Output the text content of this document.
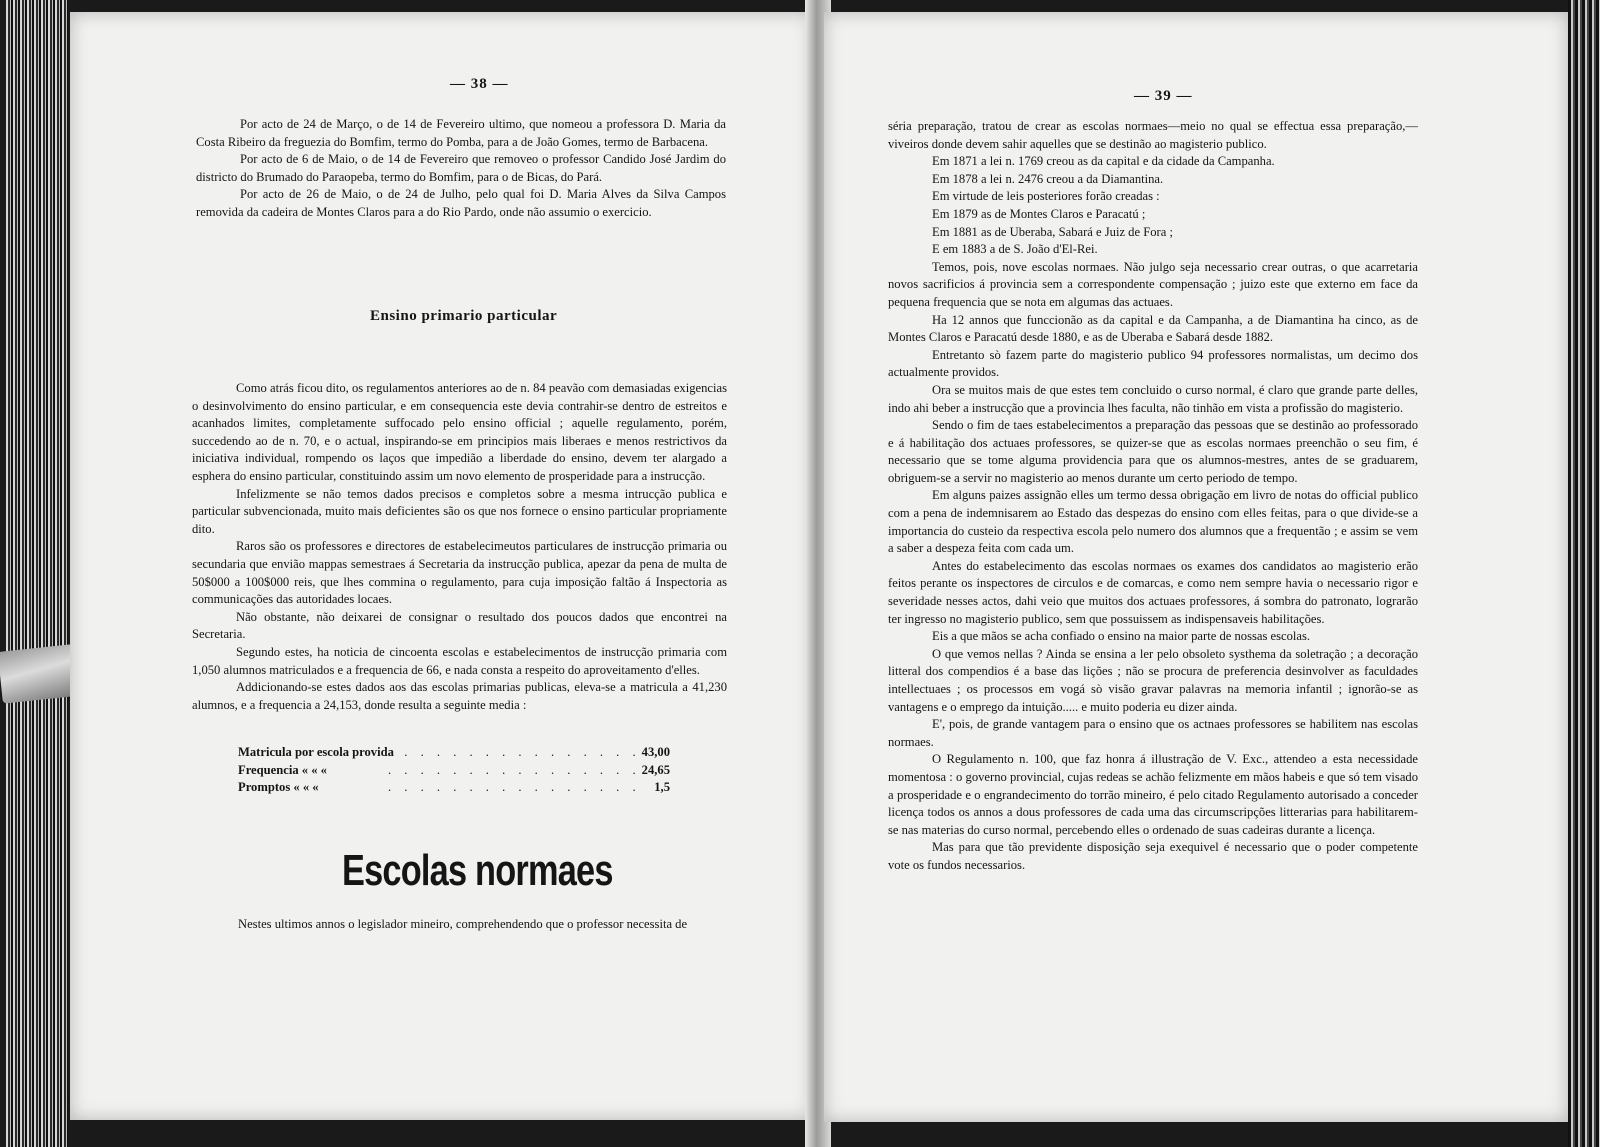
— 38 —

Por acto de 24 de Março, o de 14 de Fevereiro ultimo, que nomeou a professora D. Maria da Costa Ribeiro da freguezia do Bomfim, termo do Pomba, para a de João Gomes, termo de Barbacena.

Por acto de 6 de Maio, o de 14 de Fevereiro que removeo o professor Candido José Jardim do districto do Brumado do Paraopeba, termo do Bomfim, para o de Bicas, do Pará.

Por acto de 26 de Maio, o de 24 de Julho, pelo qual foi D. Maria Alves da Silva Campos removida da cadeira de Montes Claros para a do Rio Pardo, onde não assumio o exercicio.

Ensino primario particular

Como atrás ficou dito, os regulamentos anteriores ao de n. 84 peavão com demasiadas exigencias o desinvolvimento do ensino particular, e em consequencia este devia contrahir-se dentro de estreitos e acanhados limites, completamente suffocado pelo ensino official ; aquelle regulamento, porém, succedendo ao de n. 70, e o actual, inspirando-se em principios mais liberaes e menos restrictivos da iniciativa individual, rompendo os laços que impedião a liberdade do ensino, devem ter alargado a esphera do ensino particular, constituindo assim um novo elemento de prosperidade para a instrucção.

Infelizmente se não temos dados precisos e completos sobre a mesma intrucção publica e particular subvencionada, muito mais deficientes são os que nos fornece o ensino particular propriamente dito.

Raros são os professores e directores de estabelecimeutos particulares de instrucção primaria ou secundaria que envião mappas semestraes á Secretaria da instrucção publica, apezar da pena de multa de 50$000 a 100$000 reis, que lhes commina o regulamento, para cuja imposição faltão á Inspectoria as communicações das autoridades locaes.

Não obstante, não deixarei de consignar o resultado dos poucos dados que encontrei na Secretaria.

Segundo estes, ha noticia de cincoenta escolas e estabelecimentos de instrucção primaria com 1,050 alumnos matriculados e a frequencia de 66, e nada consta a respeito do aproveitamento d'elles.

Addicionando-se estes dados aos das escolas primarias publicas, eleva-se a matricula a 41,230 alumnos, e a frequencia a 24,153, donde resulta a seguinte media :

Matricula por escola provida
. . . . . . . . . . . . . . . . 43,00
Frequencia « « «	. . . . . . . . . . . . . . . . 24,65
Promptos « « «	. . . . . . . . . . . . . . . . 1,5
Escolas normaes

Nestes ultimos annos o legislador mineiro, comprehendendo que o professor necessita de

— 39 —

séria preparação, tratou de crear as escolas normaes—meio no qual se effectua essa preparação,— viveiros donde devem sahir aquelles que se destinão ao magisterio publico.

Em 1871 a lei n. 1769 creou as da capital e da cidade da Campanha.

Em 1878 a lei n. 2476 creou a da Diamantina.

Em virtude de leis posteriores forão creadas :

Em 1879 as de Montes Claros e Paracatú ;

Em 1881 as de Uberaba, Sabará e Juiz de Fora ;

E em 1883 a de S. João d'El-Rei.

Temos, pois, nove escolas normaes. Não julgo seja necessario crear outras, o que acarretaria novos sacrificios á provincia sem a correspondente compensação ; juizo este que externo em face da pequena frequencia que se nota em algumas das actuaes.

Ha 12 annos que funccionão as da capital e da Campanha, a de Diamantina ha cinco, as de Montes Claros e Paracatú desde 1880, e as de Uberaba e Sabará desde 1882.

Entretanto sò fazem parte do magisterio publico 94 professores normalistas, um decimo dos actualmente providos.

Ora se muitos mais de que estes tem concluido o curso normal, é claro que grande parte delles, indo ahi beber a instrucção que a provincia lhes faculta, não tinhão em vista a profissão do magisterio.

Sendo o fim de taes estabelecimentos a preparação das pessoas que se destinão ao professorado e á habilitação dos actuaes professores, se quizer-se que as escolas normaes preenchão o seu fim, é necessario que se tome alguma providencia para que os alumnos-mestres, antes de se graduarem, obriguem-se a servir no magisterio ao menos durante um certo periodo de tempo.

Em alguns paizes assignão elles um termo dessa obrigação em livro de notas do official publico com a pena de indemnisarem ao Estado das despezas do ensino com elles feitas, para o que divide-se a importancia do custeio da respectiva escola pelo numero dos alumnos que a frequentão ; e assim se vem a saber a despeza feita com cada um.

Antes do estabelecimento das escolas normaes os exames dos candidatos ao magisterio erão feitos perante os inspectores de circulos e de comarcas, e como nem sempre havia o necessario rigor e severidade nesses actos, dahi veio que muitos dos actuaes professores, á sombra do patronato, lograrão ter ingresso no magisterio publico, sem que possuissem as indispensaveis habilitações.

Eis a que mãos se acha confiado o ensino na maior parte de nossas escolas.

O que vemos nellas ? Ainda se ensina a ler pelo obsoleto systhema da soletração ; a decoração litteral dos compendios é a base das lições ; não se procura de preferencia desinvolver as faculdades intellectuaes ; os processos em vogá sò visão gravar palavras na memoria infantil ; ignorão-se as vantagens e o emprego da intuição..... e muito poderia eu dizer ainda.

E', pois, de grande vantagem para o ensino que os actnaes professores se habilitem nas escolas normaes.

O Regulamento n. 100, que faz honra á illustração de V. Exc., attendeo a esta necessidade momentosa : o governo provincial, cujas redeas se achão felizmente em mãos habeis e que só tem visado a prosperidade e o engrandecimento do torrão mineiro, é pelo citado Regulamento autorisado a conceder licença todos os annos a dous professores de cada uma das circumscripções litterarias para habilitarem-se nas materias do curso normal, percebendo elles o ordenado de suas cadeiras durante a licença.

Mas para que tão previdente disposição seja exequivel é necessario que o poder competente vote os fundos necessarios.
